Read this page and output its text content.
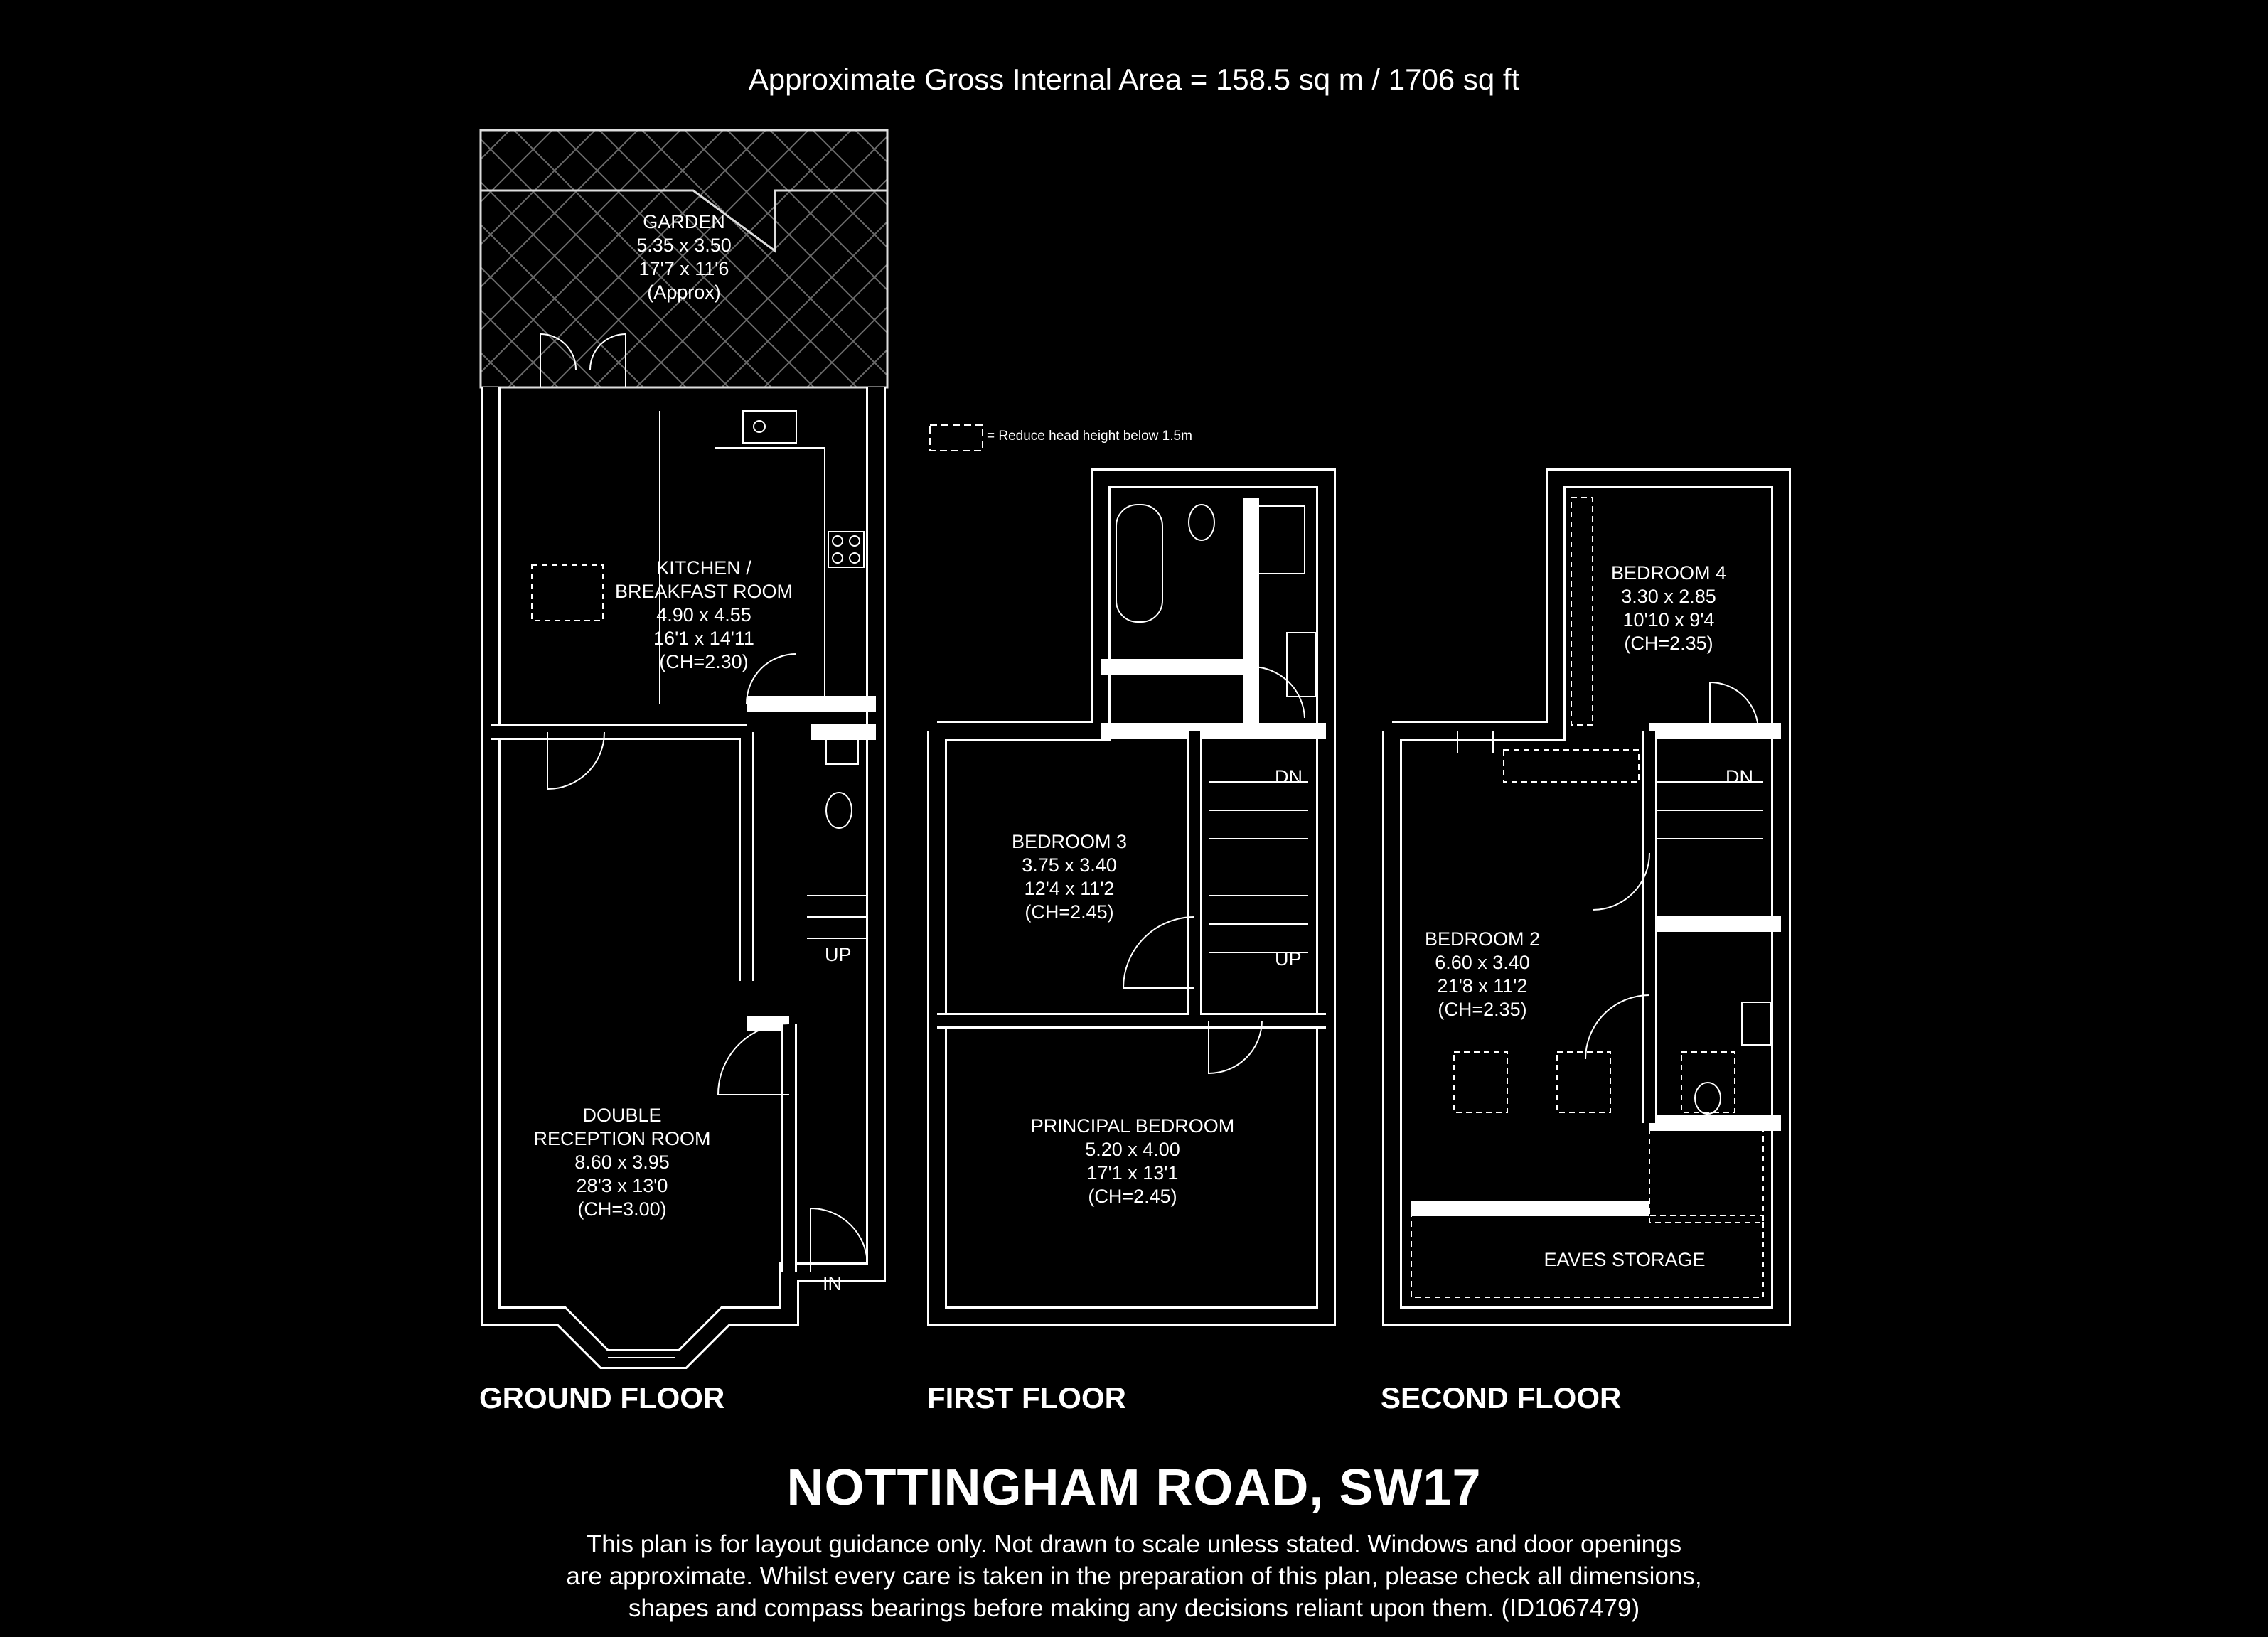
Approximate Gross Internal Area = 158.5 sq m / 1706 sq ft
= Reduce head height below 1.5m
GARDEN
5.35 x 3.50
17'7 x 11'6
(Approx)
KITCHEN /
BREAKFAST ROOM
4.90 x 4.55
16'1 x 14'11
(CH=2.30)
DOUBLE
RECEPTION ROOM
8.60 x 3.95
28'3 x 13'0
(CH=3.00)
BEDROOM 3
3.75 x 3.40
12'4 x 11'2
(CH=2.45)
PRINCIPAL BEDROOM
5.20 x 4.00
17'1 x 13'1
(CH=2.45)
BEDROOM 4
3.30 x 2.85
10'10 x 9'4
(CH=2.35)
BEDROOM 2
6.60 x 3.40
21'8 x 11'2
(CH=2.35)
EAVES STORAGE
UP
IN
DN
UP
DN
GROUND FLOOR	FIRST FLOOR	SECOND FLOOR
NOTTINGHAM ROAD, SW17
This plan is for layout guidance only. Not drawn to scale unless stated. Windows and door openings
are approximate. Whilst every care is taken in the preparation of this plan, please check all dimensions,
shapes and compass bearings before making any decisions reliant upon them. (ID1067479)
